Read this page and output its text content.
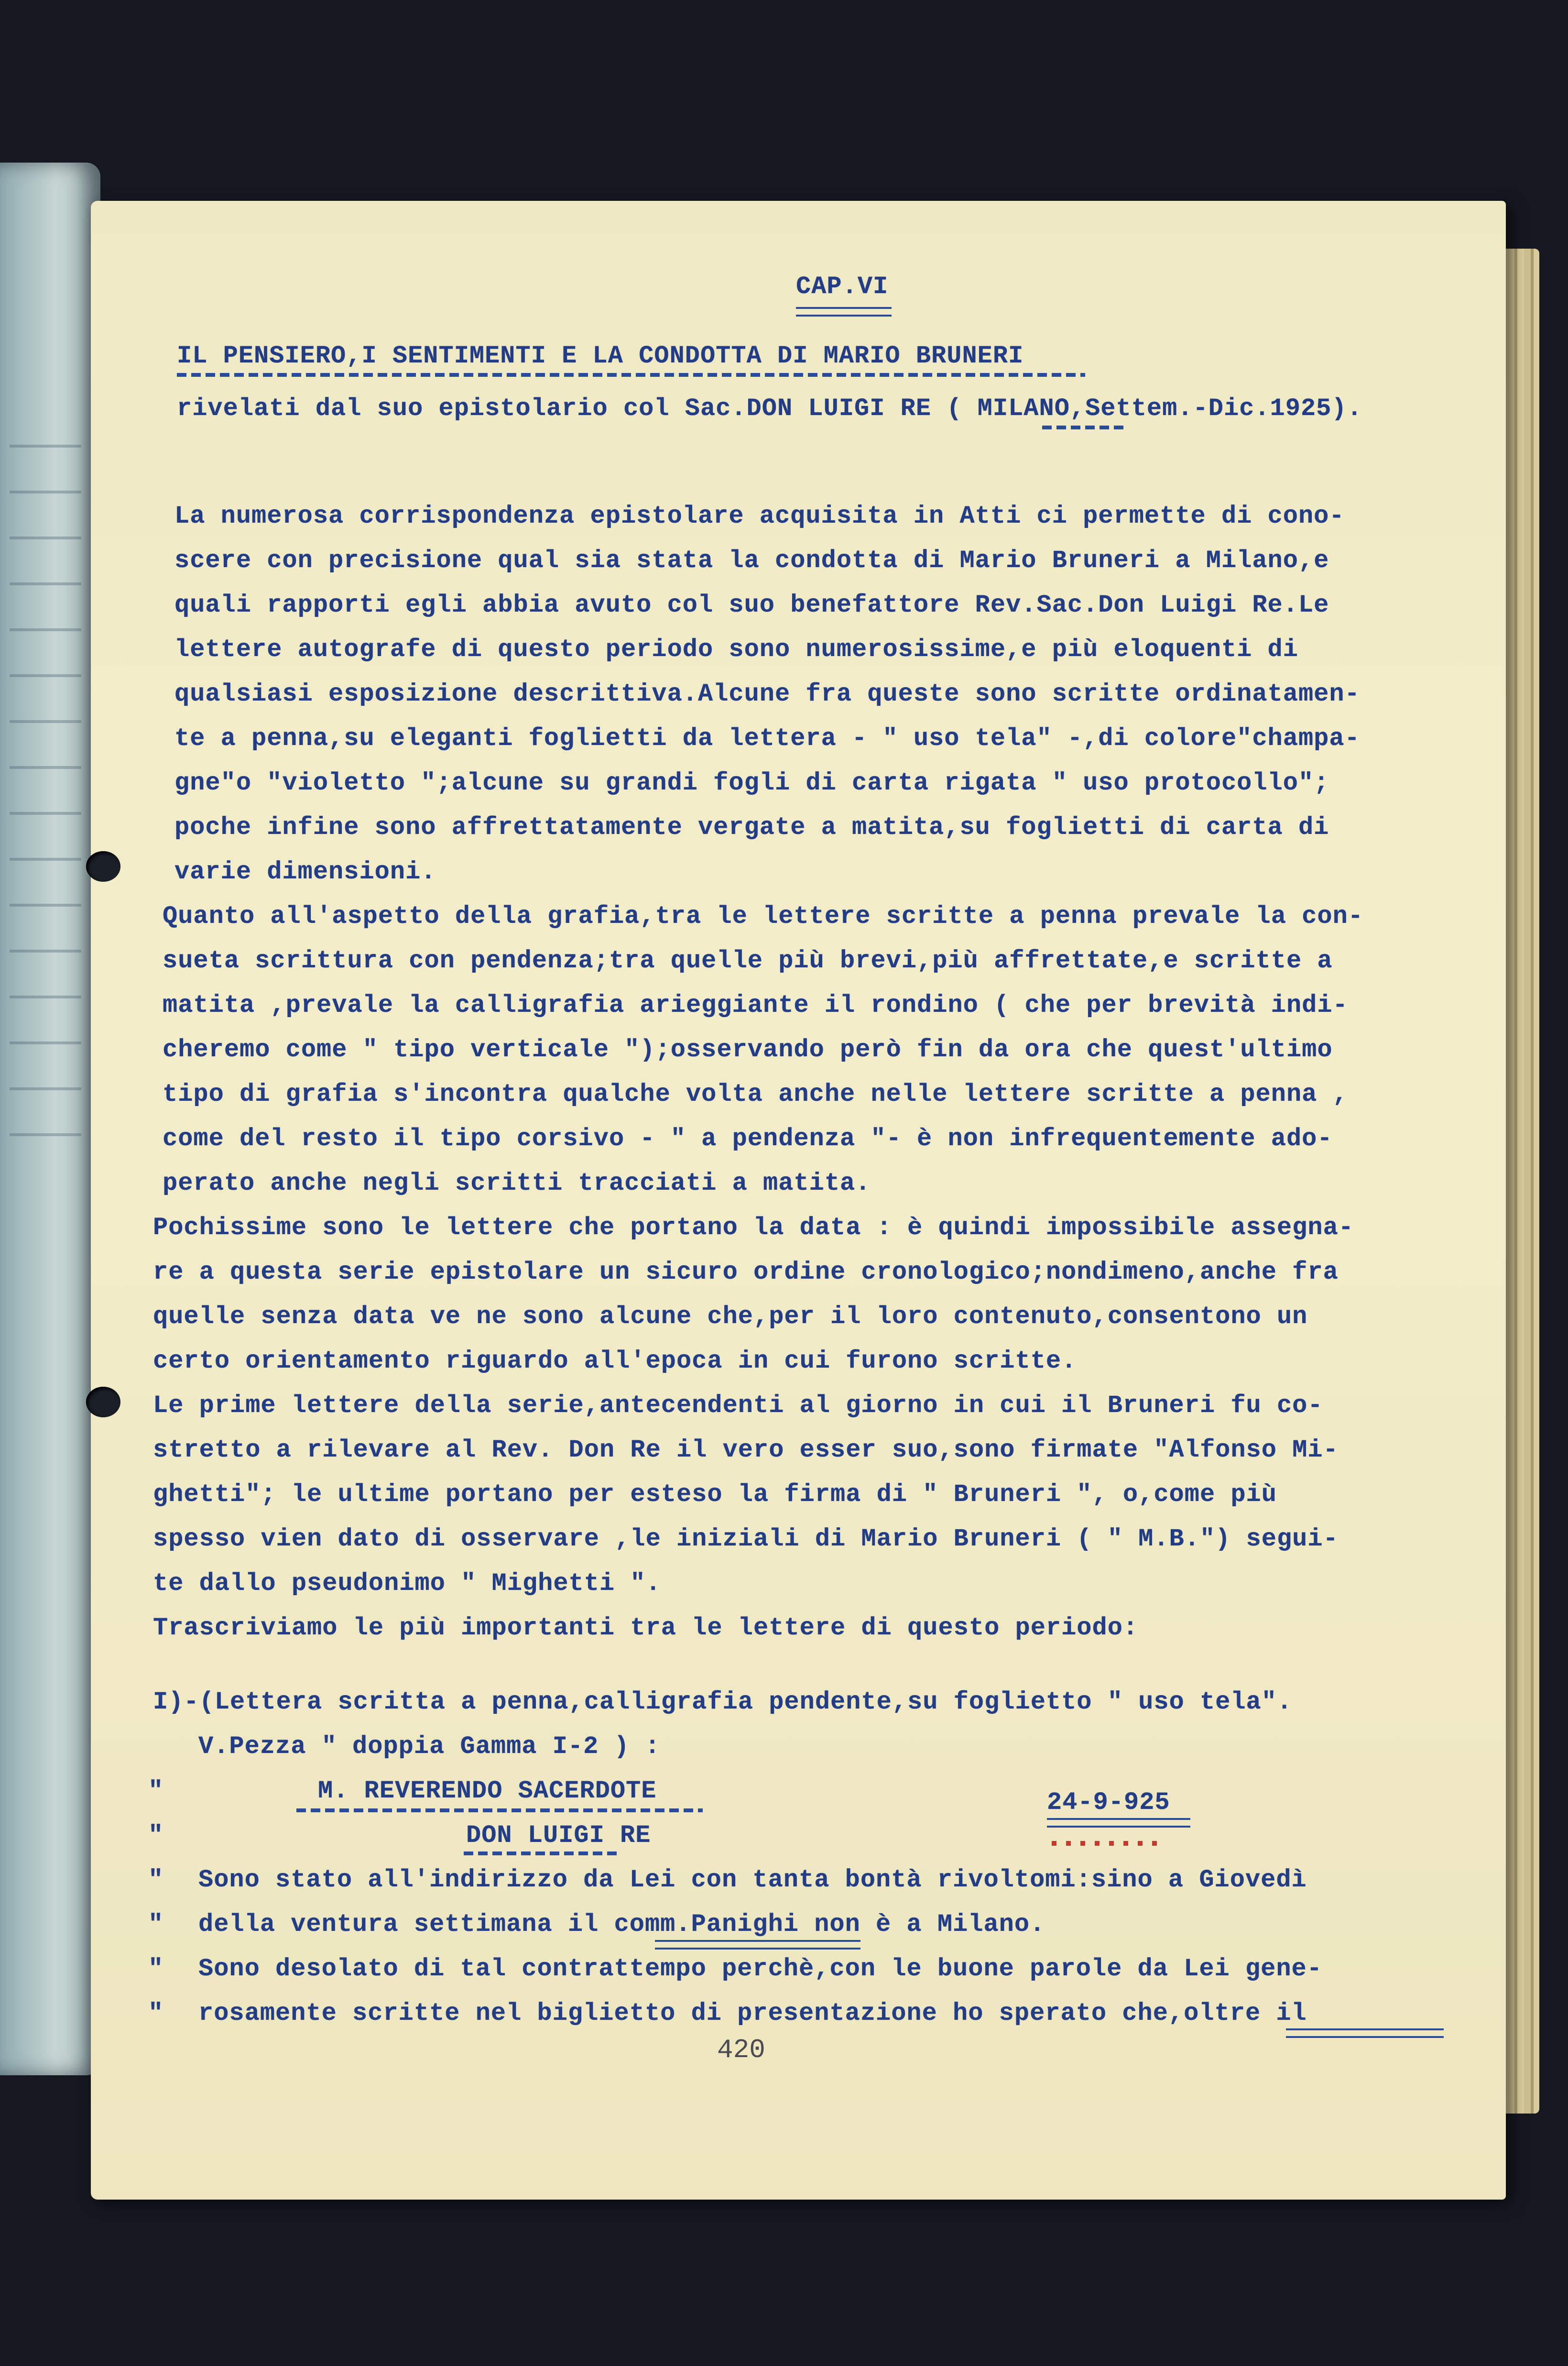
CAP.VI
IL PENSIERO,I SENTIMENTI E LA CONDOTTA DI MARIO BRUNERI
rivelati dal suo epistolario col Sac.DON LUIGI RE ( MILANO,Settem.-Dic.1925).
La numerosa corrispondenza epistolare acquisita in Atti ci permette di cono-
scere con precisione qual sia stata la condotta di Mario Bruneri a Milano,e
quali rapporti egli abbia avuto col suo benefattore Rev.Sac.Don Luigi Re.Le
lettere autografe di questo periodo sono numerosissime,e più eloquenti di
qualsiasi esposizione descrittiva.Alcune fra queste sono scritte ordinatamen-
te a penna,su eleganti foglietti da lettera - " uso tela" -,di colore"champa-
gne"o "violetto ";alcune su grandi fogli di carta rigata " uso protocollo";
poche infine sono affrettatamente vergate a matita,su foglietti di carta di
varie dimensioni.
Quanto all'aspetto della grafia,tra le lettere scritte a penna prevale la con-
sueta scrittura con pendenza;tra quelle più brevi,più affrettate,e scritte a
matita ,prevale la calligrafia arieggiante il rondino ( che per brevità indi-
cheremo come " tipo verticale ");osservando però fin da ora che quest'ultimo
tipo di grafia s'incontra qualche volta anche nelle lettere scritte a penna ,
come del resto il tipo corsivo - " a pendenza "- è non infrequentemente ado-
perato anche negli scritti tracciati a matita.
Pochissime sono le lettere che portano la data : è quindi impossibile assegna-
re a questa serie epistolare un sicuro ordine cronologico;nondimeno,anche fra
quelle senza data ve ne sono alcune che,per il loro contenuto,consentono un
certo orientamento riguardo all'epoca in cui furono scritte.
Le prime lettere della serie,antecendenti al giorno in cui il Bruneri fu co-
stretto a rilevare al Rev. Don Re il vero esser suo,sono firmate "Alfonso Mi-
ghetti"; le ultime portano per esteso la firma di " Bruneri ", o,come più
spesso vien dato di osservare ,le iniziali di Mario Bruneri ( " M.B.") segui-
te dallo pseudonimo " Mighetti ".
Trascriviamo le più importanti tra le lettere di questo periodo:
I)-(Lettera scritta a penna,calligrafia pendente,su foglietto " uso tela".
V.Pezza " doppia Gamma I-2 ) :
"
"
"
"
"
"
M. REVERENDO SACERDOTE	24-9-925
DON LUIGI RE
Sono stato all'indirizzo da Lei con tanta bontà rivoltomi:sino a Giovedì
della ventura settimana il comm.Panighi non è a Milano.
Sono desolato di tal contrattempo perchè,con le buone parole da Lei gene-
rosamente scritte nel biglietto di presentazione ho sperato che,oltre il
420
